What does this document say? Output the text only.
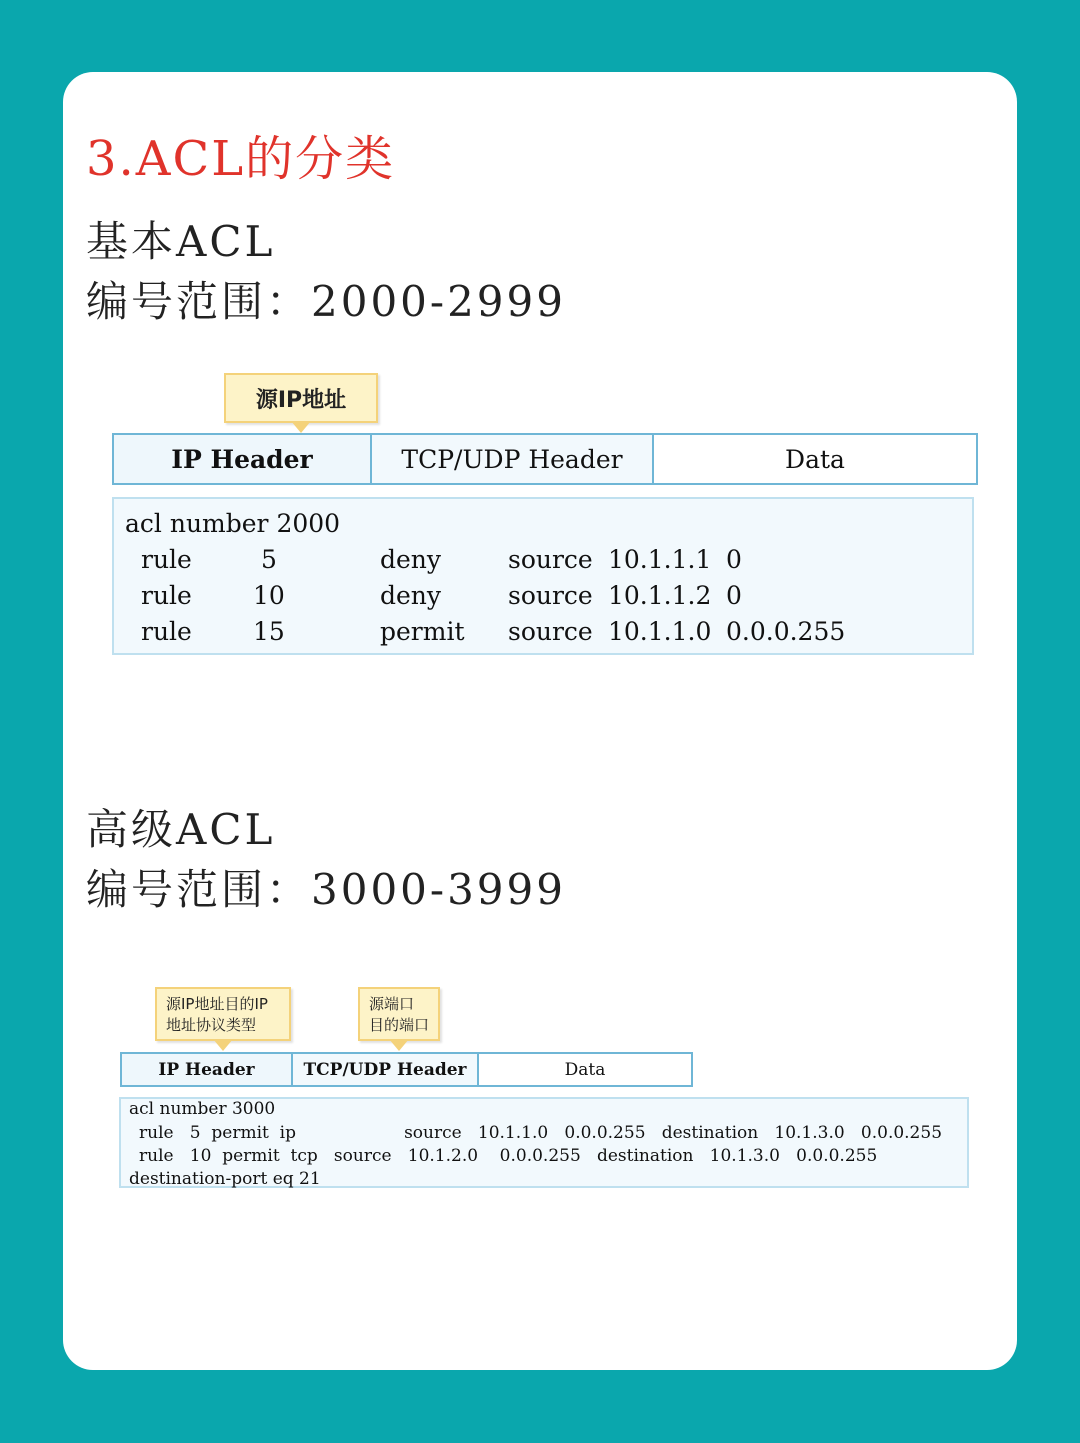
3.ACL的分类
基本ACL
编号范围：2000-2999
源IP地址
IP Header	TCP/UDP Header	Data
acl number 2000
rule	5	deny	source 10.1.1.1 0
rule 10	deny	source 10.1.1.2 0
rule 15	permit source 10.1.1.0 0.0.0.255
高级ACL
编号范围：3000-3999
源IP地址目的IP
地址协议类型
源端口
目的端口
IP Header	TCP/UDP Header	Data
acl number 3000
rule   5  permit  ip                    source   10.1.1.0   0.0.0.255   destination   10.1.3.0   0.0.0.255
rule   10  permit  tcp   source   10.1.2.0    0.0.0.255   destination   10.1.3.0   0.0.0.255
destination-port eq 21
